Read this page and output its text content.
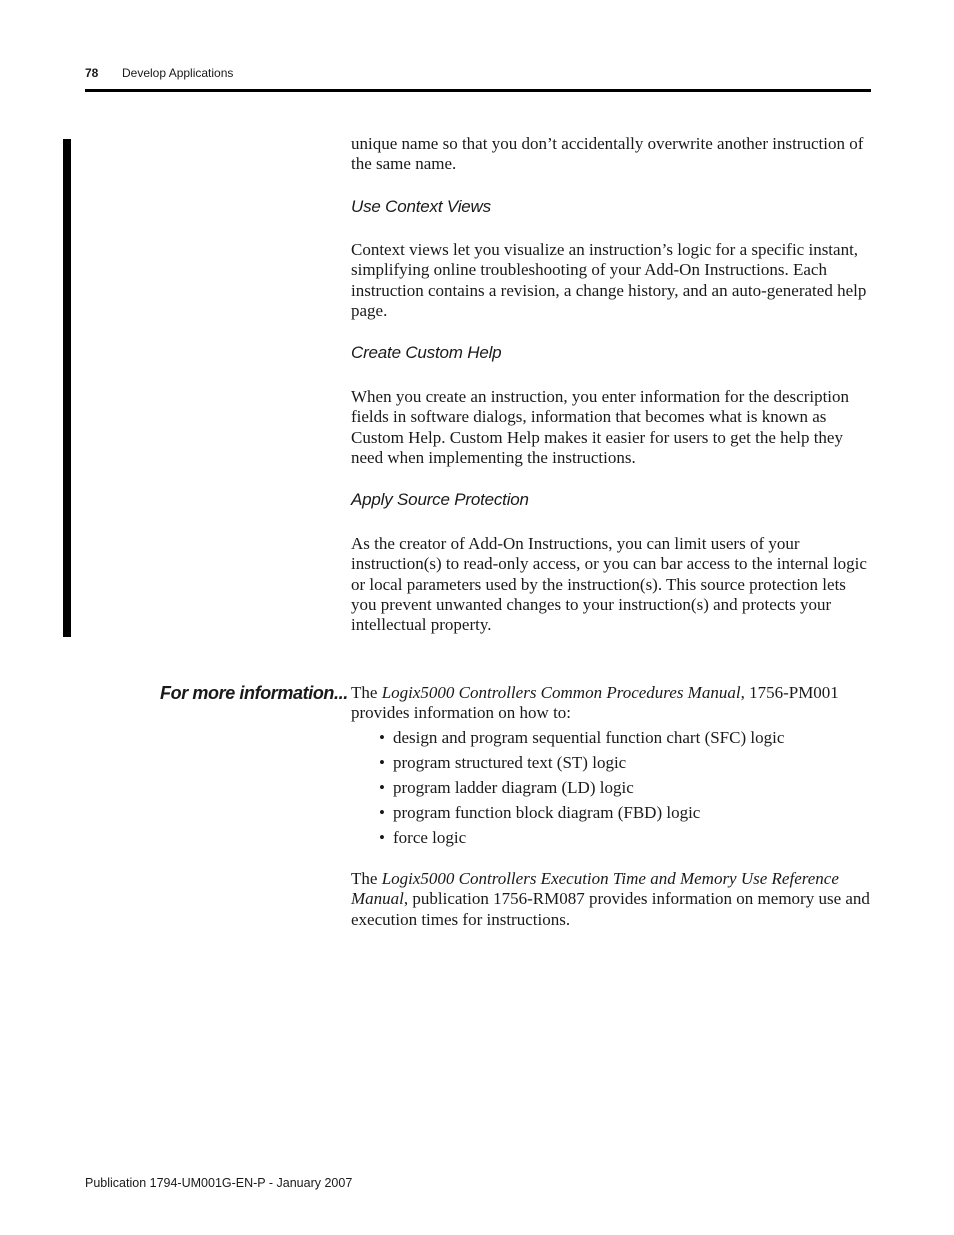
78 Develop Applications

unique name so that you don’t accidentally overwrite another instruction of the same name.

Use Context Views

Context views let you visualize an instruction’s logic for a specific instant, simplifying online troubleshooting of your Add-On Instructions. Each instruction contains a revision, a change history, and an auto-generated help page.

Create Custom Help

When you create an instruction, you enter information for the description fields in software dialogs, information that becomes what is known as Custom Help. Custom Help makes it easier for users to get the help they need when implementing the instructions.

Apply Source Protection

As the creator of Add-On Instructions, you can limit users of your instruction(s) to read-only access, or you can bar access to the internal logic or local parameters used by the instruction(s). This source protection lets you prevent unwanted changes to your instruction(s) and protects your intellectual property.

For more information... The Logix5000 Controllers Common Procedures Manual, 1756-PM001 provides information on how to:

• design and program sequential function chart (SFC) logic
• program structured text (ST) logic
• program ladder diagram (LD) logic
• program function block diagram (FBD) logic
• force logic

The Logix5000 Controllers Execution Time and Memory Use Reference Manual, publication 1756-RM087 provides information on memory use and execution times for instructions.

Publication 1794-UM001G-EN-P - January 2007
